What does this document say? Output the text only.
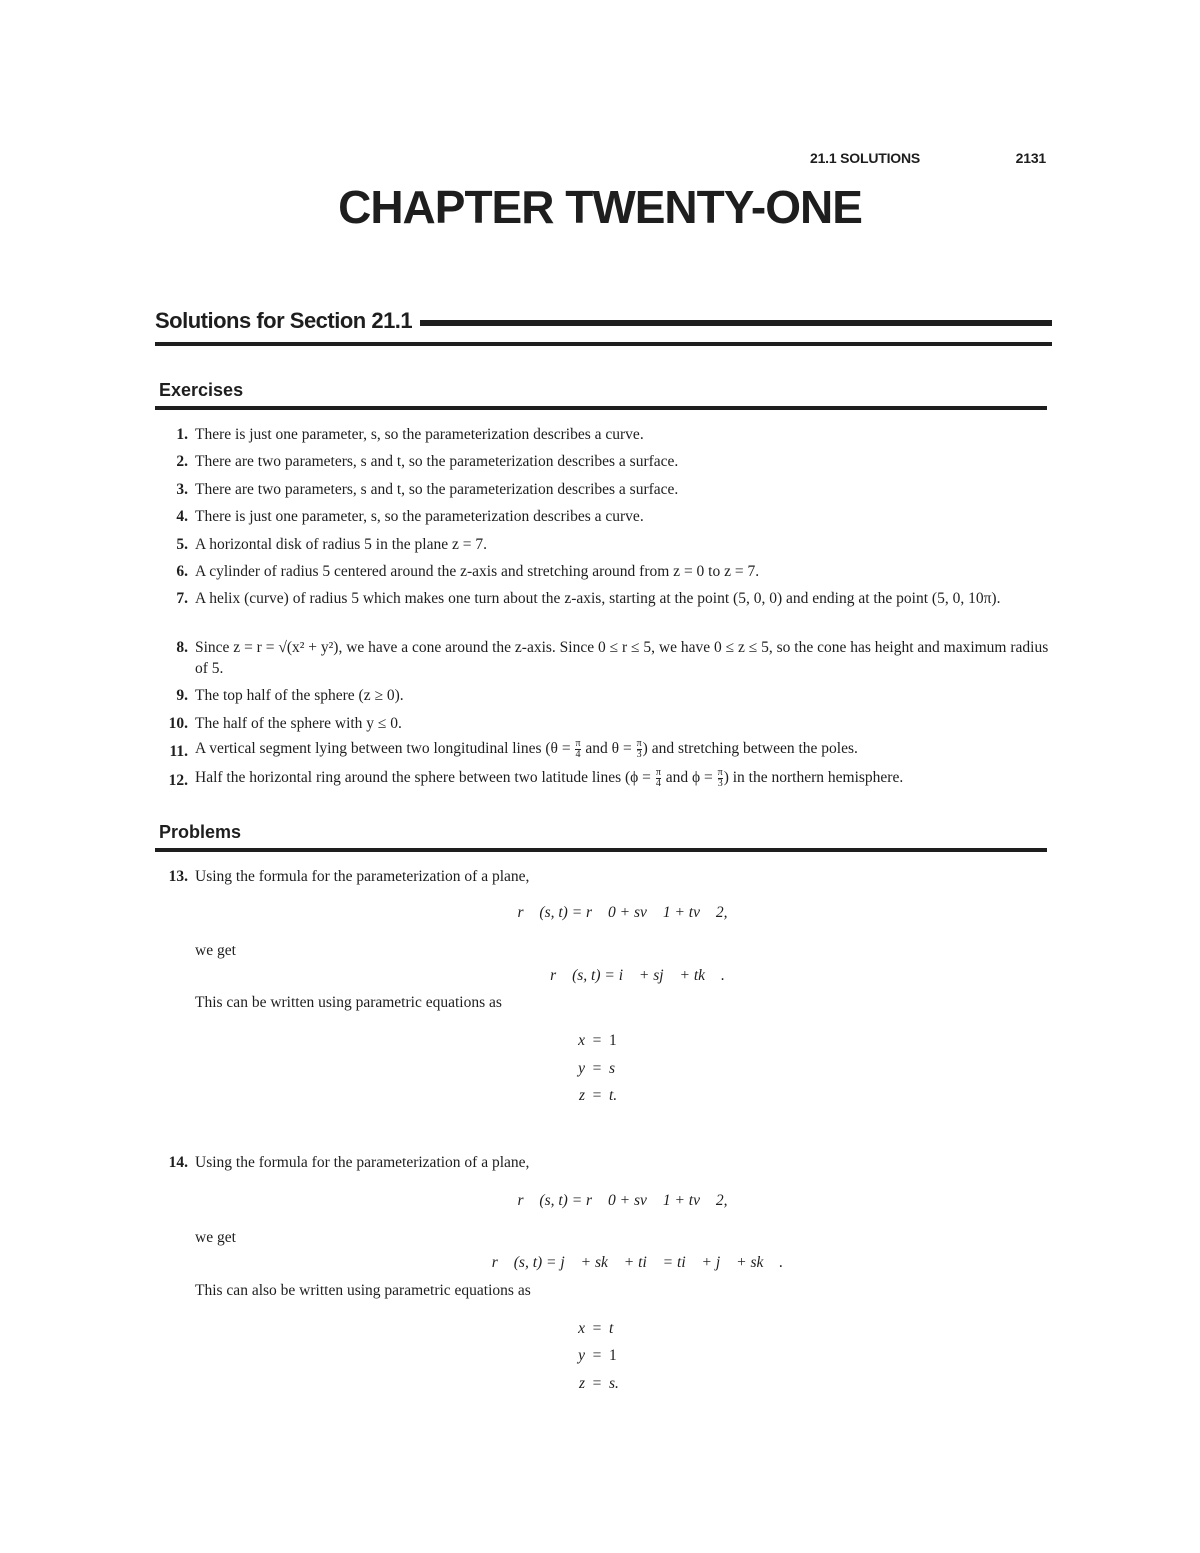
21.1 SOLUTIONS	2131
CHAPTER TWENTY-ONE
Solutions for Section 21.1
Exercises
1. There is just one parameter, s, so the parameterization describes a curve.
2. There are two parameters, s and t, so the parameterization describes a surface.
3. There are two parameters, s and t, so the parameterization describes a surface.
4. There is just one parameter, s, so the parameterization describes a curve.
5. A horizontal disk of radius 5 in the plane z = 7.
6. A cylinder of radius 5 centered around the z-axis and stretching around from z = 0 to z = 7.
7. A helix (curve) of radius 5 which makes one turn about the z-axis, starting at the point (5, 0, 0) and ending at the point (5, 0, 10π).
8. Since z = r = √(x² + y²), we have a cone around the z-axis. Since 0 ≤ r ≤ 5, we have 0 ≤ z ≤ 5, so the cone has height and maximum radius of 5.
9. The top half of the sphere (z ≥ 0).
10. The half of the sphere with y ≤ 0.
11. A vertical segment lying between two longitudinal lines ($\theta = \frac{\pi}{4}$ and $\theta = \frac{\pi}{3}$ ) and stretching between the poles.
12. Half the horizontal ring around the sphere between two latitude lines ($\phi = \frac{\pi}{4}$ and $\phi = \frac{\pi}{3}$ ) in the northern hemisphere.
Problems
13. Using the formula for the parameterization of a plane,
r⃗ (s, t) = r⃗ 0 + sv⃗ 1 + tv⃗ 2,
we get
r⃗ (s, t) = i⃗ + sj⃗ + tk⃗ .
This can be written using parametric equations as
x = 1
y = s
z = t.
14. Using the formula for the parameterization of a plane,
r⃗ (s, t) = r⃗ 0 + sv⃗ 1 + tv⃗ 2,
we get
r⃗ (s, t) = j⃗ + sk⃗ + ti⃗ = ti⃗ + j⃗ + sk⃗ .
This can also be written using parametric equations as
x = t
y = 1
z = s.
